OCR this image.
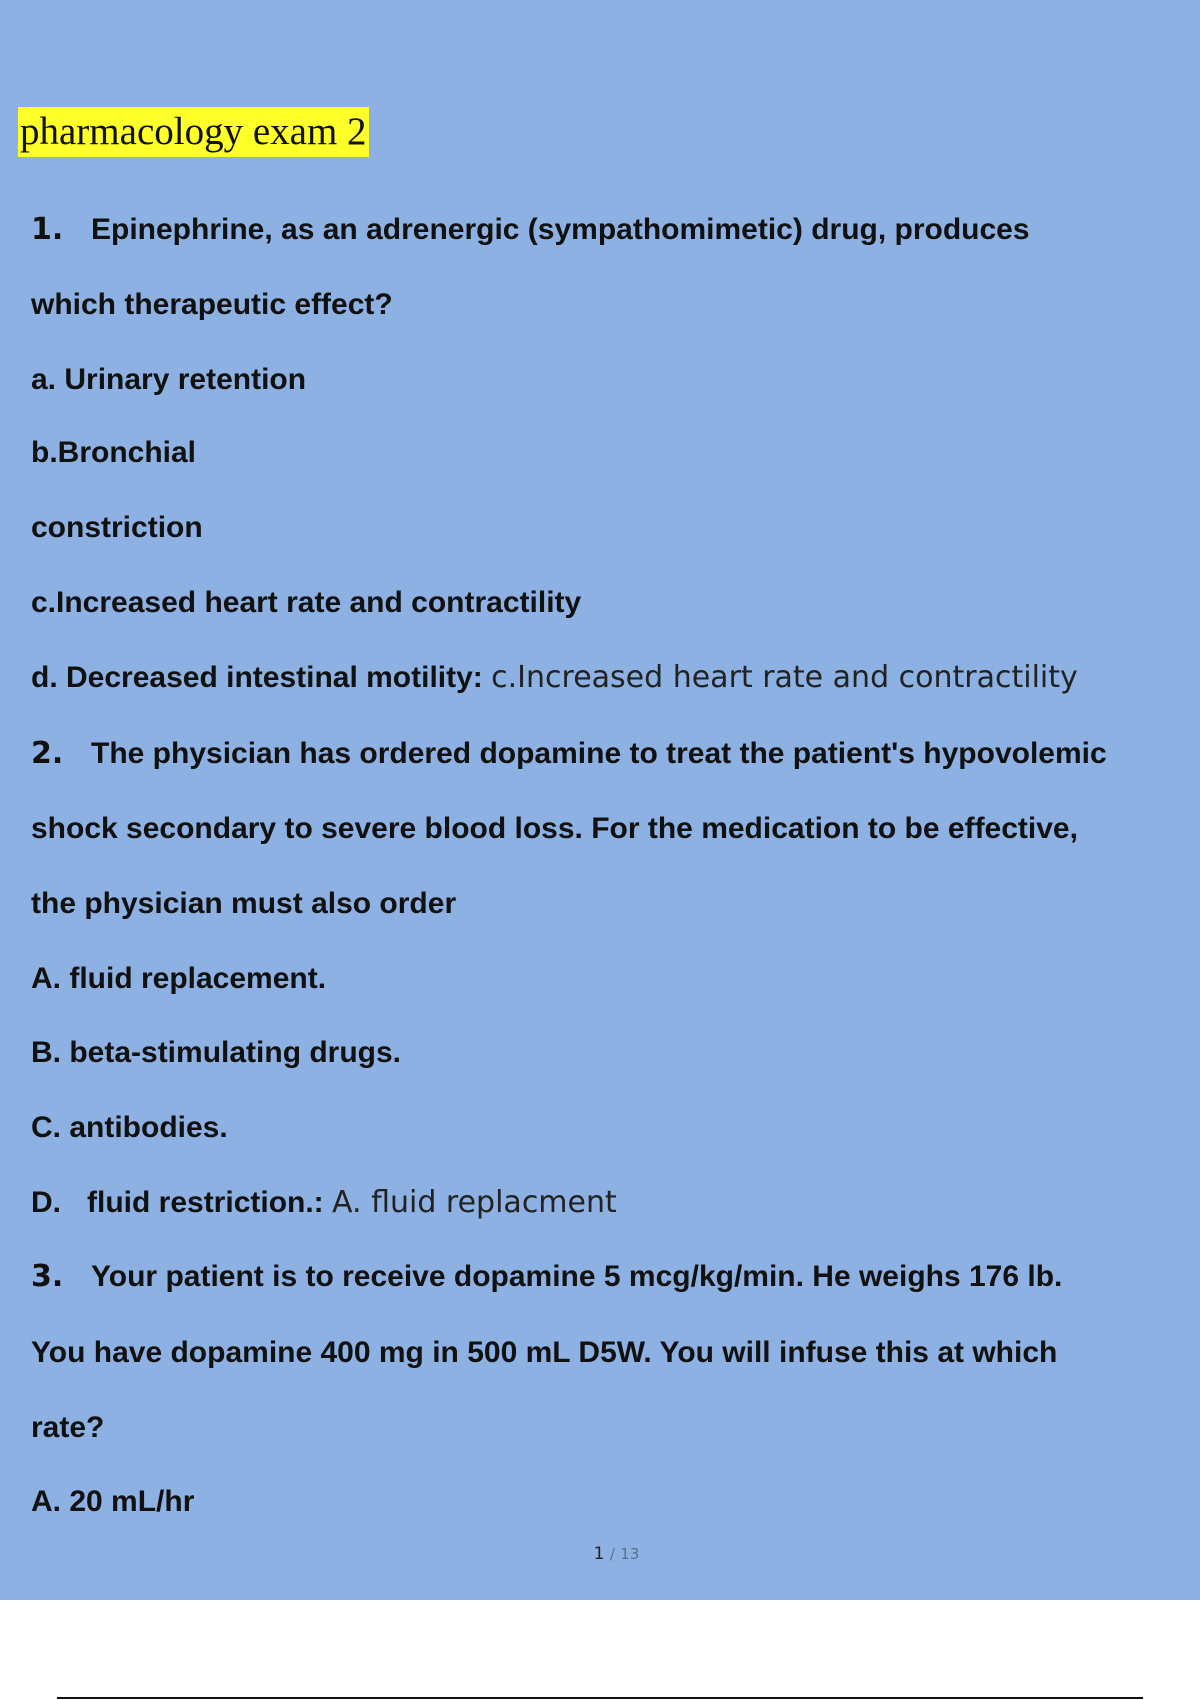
pharmacology exam 2
1. Epinephrine, as an adrenergic (sympathomimetic) drug, produces
which therapeutic effect?
a. Urinary retention
b.Bronchial
constriction
c.Increased heart rate and contractility
d. Decreased intestinal motility: c.Increased heart rate and contractility
2. The physician has ordered dopamine to treat the patient's hypovolemic
shock secondary to severe blood loss. For the medication to be effective,
the physician must also order
A. fluid replacement.
B. beta-stimulating drugs.
C. antibodies.
D. fluid restriction.: A. fluid replacment
3. Your patient is to receive dopamine 5 mcg/kg/min. He weighs 176 lb.
You have dopamine 400 mg in 500 mL D5W. You will infuse this at which
rate?
A. 20 mL/hr
1 / 13
